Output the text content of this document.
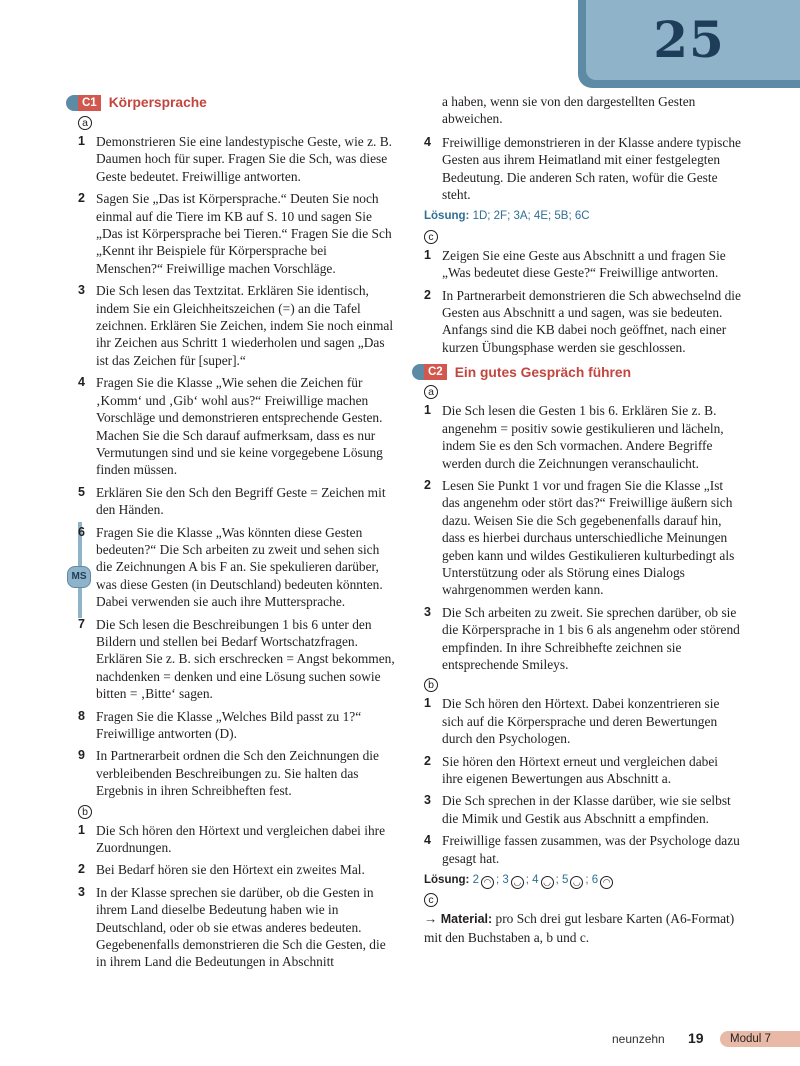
25
MS
C1 Körpersprache
a
1 Demonstrieren Sie eine landestypische Geste, wie z. B. Daumen hoch für super. Fragen Sie die Sch, was diese Geste bedeutet. Freiwillige antworten.
2 Sagen Sie „Das ist Körpersprache.“ Deuten Sie noch einmal auf die Tiere im KB auf S. 10 und sagen Sie „Das ist Körpersprache bei Tieren.“ Fragen Sie die Sch „Kennt ihr Beispiele für Körpersprache bei Menschen?“ Freiwillige machen Vorschläge.
3 Die Sch lesen das Textzitat. Erklären Sie identisch, indem Sie ein Gleichheitszeichen (=) an die Tafel zeichnen. Erklären Sie Zeichen, indem Sie noch einmal ihr Zeichen aus Schritt 1 wiederholen und sagen „Das ist das Zeichen für [super].“
4 Fragen Sie die Klasse „Wie sehen die Zeichen für ‚Komm‘ und ‚Gib‘ wohl aus?“ Freiwillige machen Vorschläge und demonstrieren entsprechende Gesten. Machen Sie die Sch darauf aufmerksam, dass es nur Vermutungen sind und sie keine vorgegebene Lösung finden müssen.
5 Erklären Sie den Sch den Begriff Geste = Zeichen mit den Händen.
6 Fragen Sie die Klasse „Was könnten diese Gesten bedeuten?“ Die Sch arbeiten zu zweit und sehen sich die Zeichnungen A bis F an. Sie spekulieren darüber, was diese Gesten (in Deutschland) bedeuten könnten. Dabei verwenden sie auch ihre Muttersprache.
7 Die Sch lesen die Beschreibungen 1 bis 6 unter den Bildern und stellen bei Bedarf Wortschatzfragen. Erklären Sie z. B. sich erschrecken = Angst bekommen, nachdenken = denken und eine Lösung suchen sowie bitten = ‚Bitte‘ sagen.
8 Fragen Sie die Klasse „Welches Bild passt zu 1?“ Freiwillige antworten (D).
9 In Partnerarbeit ordnen die Sch den Zeichnungen die verbleibenden Beschreibungen zu. Sie halten das Ergebnis in ihren Schreibheften fest.
b
1 Die Sch hören den Hörtext und vergleichen dabei ihre Zuordnungen.
2 Bei Bedarf hören sie den Hörtext ein zweites Mal.
3 In der Klasse sprechen sie darüber, ob die Gesten in ihrem Land dieselbe Bedeutung haben wie in Deutschland, oder ob sie etwas anderes bedeuten. Gegebenenfalls demonstrieren die Sch die Gesten, die in ihrem Land die Bedeutungen in Abschnitt
a haben, wenn sie von den dargestellten Gesten abweichen.
4 Freiwillige demonstrieren in der Klasse andere typische Gesten aus ihrem Heimatland mit einer festgelegten Bedeutung. Die anderen Sch raten, wofür die Geste steht.
Lösung: 1D; 2F; 3A; 4E; 5B; 6C
c
1 Zeigen Sie eine Geste aus Abschnitt a und fragen Sie „Was bedeutet diese Geste?“ Freiwillige antworten.
2 In Partnerarbeit demonstrieren die Sch abwechselnd die Gesten aus Abschnitt a und sagen, was sie bedeuten. Anfangs sind die KB dabei noch geöffnet, nach einer kurzen Übungsphase werden sie geschlossen.
C2 Ein gutes Gespräch führen
a
1 Die Sch lesen die Gesten 1 bis 6. Erklären Sie z. B. angenehm = positiv sowie gestikulieren und lächeln, indem Sie es den Sch vormachen. Andere Begriffe werden durch die Zeichnungen veranschaulicht.
2 Lesen Sie Punkt 1 vor und fragen Sie die Klasse „Ist das angenehm oder stört das?“ Freiwillige äußern sich dazu. Weisen Sie die Sch gegebenenfalls darauf hin, dass es hierbei durchaus unterschiedliche Meinungen geben kann und wildes Gestikulieren kulturbedingt als Unterstützung oder als Störung eines Dialogs wahrgenommen werden kann.
3 Die Sch arbeiten zu zweit. Sie sprechen darüber, ob sie die Körpersprache in 1 bis 6 als angenehm oder störend empfinden. In ihre Schreibhefte zeichnen sie entsprechende Smileys.
b
1 Die Sch hören den Hörtext. Dabei konzentrieren sie sich auf die Körpersprache und deren Bewertungen durch den Psychologen.
2 Sie hören den Hörtext erneut und vergleichen dabei ihre eigenen Bewertungen aus Abschnitt a.
3 Die Sch sprechen in der Klasse darüber, wie sie selbst die Mimik und Gestik aus Abschnitt a empfinden.
4 Freiwillige fassen zusammen, was der Psychologe dazu gesagt hat.
Lösung: 2 ◠ ; 3 ◡ ; 4 ◡ ; 5 ◡ ; 6 ◠
c
→ Material: pro Sch drei gut lesbare Karten (A6-Format) mit den Buchstaben a, b und c.
neunzehn 19	Modul 7
